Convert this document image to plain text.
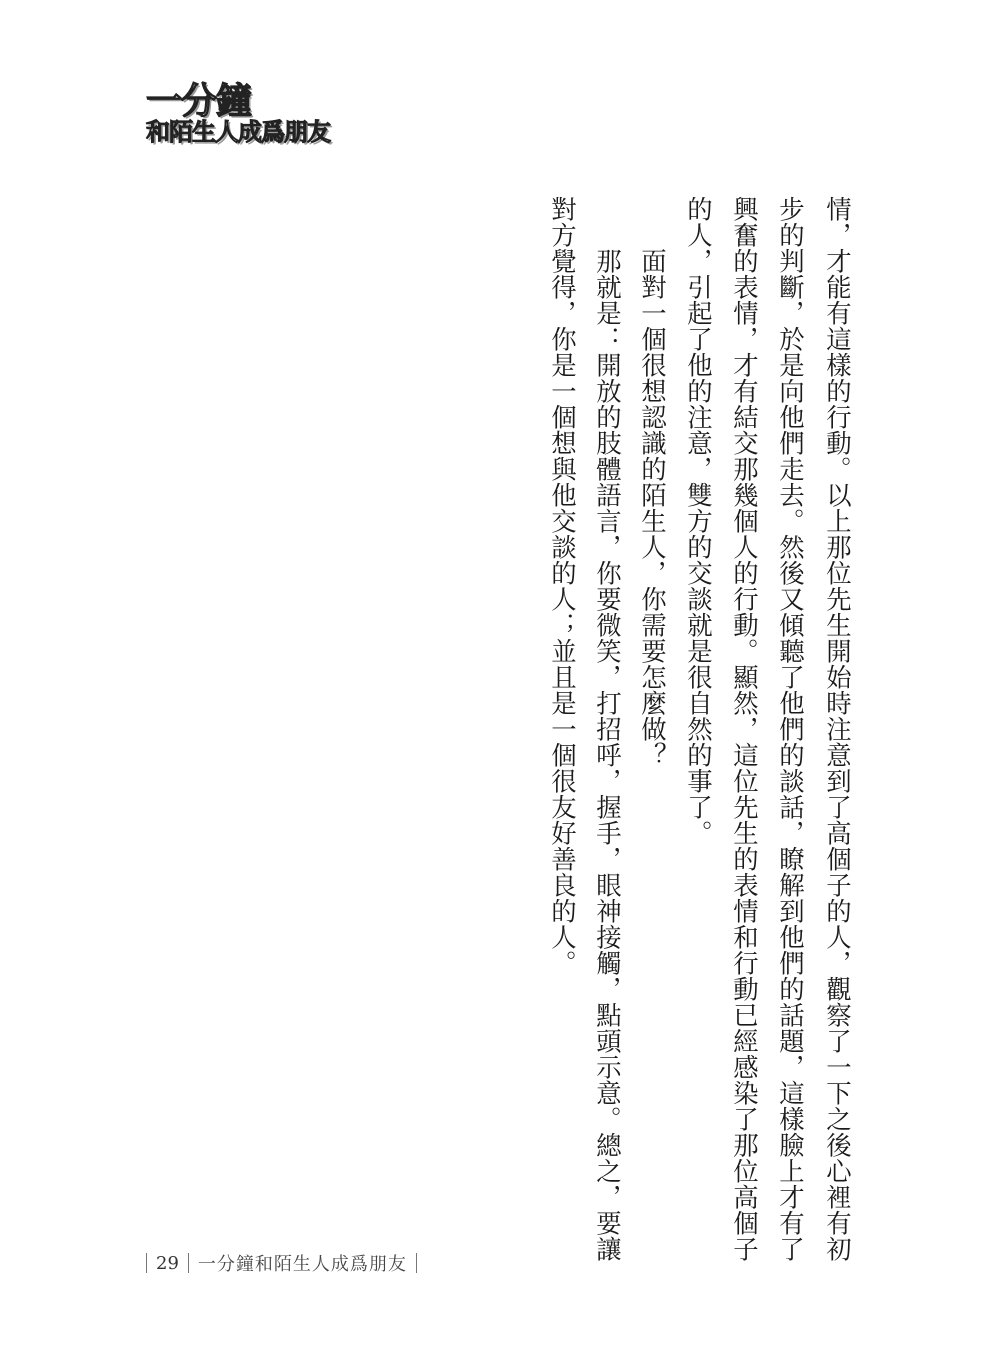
一分鐘
和陌生人成爲朋友
情，才能有這樣的行動。以上那位先生開始時注意到了高個子的人，觀察了一下之後心裡有初
步的判斷，於是向他們走去。然後又傾聽了他們的談話，瞭解到他們的話題，這樣臉上才有了
興奮的表情，才有結交那幾個人的行動。顯然，這位先生的表情和行動已經感染了那位高個子
的人，引起了他的注意，雙方的交談就是很自然的事了。
面對一個很想認識的陌生人，你需要怎麼做？
那就是：開放的肢體語言，你要微笑，打招呼，握手，眼神接觸，點頭示意。總之，要讓
對方覺得，你是一個想與他交談的人；並且是一個很友好善良的人。
29 一分鐘和陌生人成爲朋友
